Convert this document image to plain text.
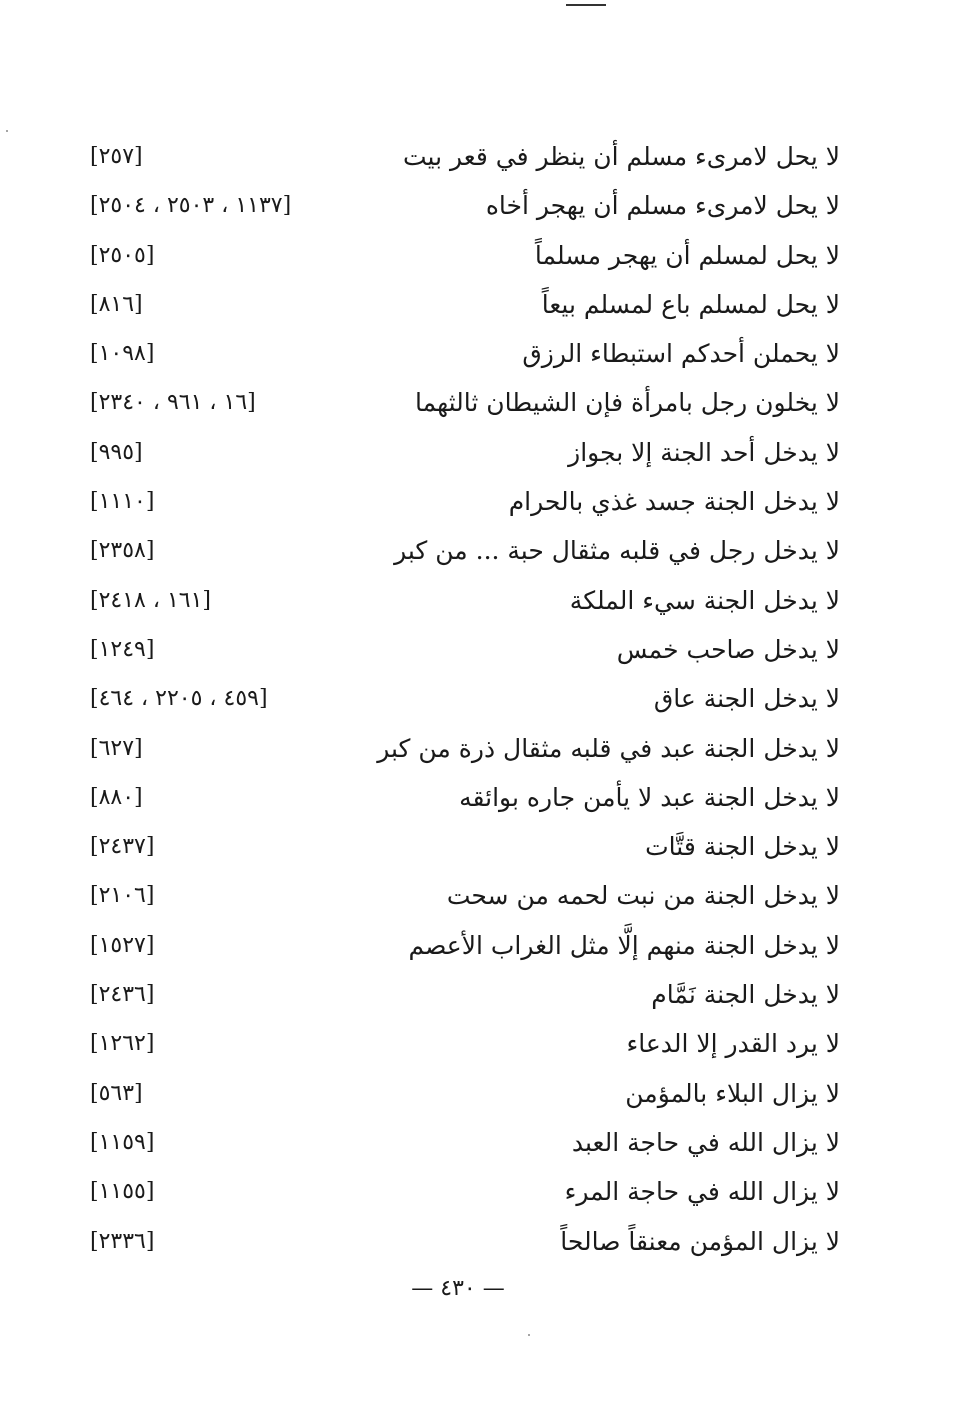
لا يحل لامرىء مسلم أن ينظر في قعر بيت
[٢٥٧]
لا يحل لامرىء مسلم أن يهجر أخاه
[١١٣٧ ، ٢٥٠٣ ، ٢٥٠٤]
لا يحل لمسلم أن يهجر مسلماً
[٢٥٠٥]
لا يحل لمسلم باع لمسلم بيعاً
[٨١٦]
لا يحملن أحدكم استبطاء الرزق
[١٠٩٨]
لا يخلون رجل بامرأة فإن الشيطان ثالثهما
[١٦ ، ٩٦١ ، ٢٣٤٠]
لا يدخل أحد الجنة إلا بجواز
[٩٩٥]
لا يدخل الجنة جسد غذي بالحرام
[١١١٠]
لا يدخل رجل في قلبه مثقال حبة ... من كبر
[٢٣٥٨]
لا يدخل الجنة سيء الملكة
[١٦١ ، ٢٤١٨]
لا يدخل صاحب خمس
[١٢٤٩]
لا يدخل الجنة عاق
[٤٥٩ ، ٢٢٠٥ ، ٤٦٤]
لا يدخل الجنة عبد في قلبه مثقال ذرة من كبر
[٦٢٧]
لا يدخل الجنة عبد لا يأمن جاره بوائقه
[٨٨٠]
لا يدخل الجنة قتَّات
[٢٤٣٧]
لا يدخل الجنة من نبت لحمه من سحت
[٢١٠٦]
لا يدخل الجنة منهم إلَّا مثل الغراب الأعصم
[١٥٢٧]
لا يدخل الجنة نَمَّام
[٢٤٣٦]
لا يرد القدر إلا الدعاء
[١٢٦٢]
لا يزال البلاء بالمؤمن
[٥٦٣]
لا يزال الله في حاجة العبد
[١١٥٩]
لا يزال الله في حاجة المرء
[١١٥٥]
لا يزال المؤمن معنقاً صالحاً
[٢٣٣٦]
— ٤٣٠ —
